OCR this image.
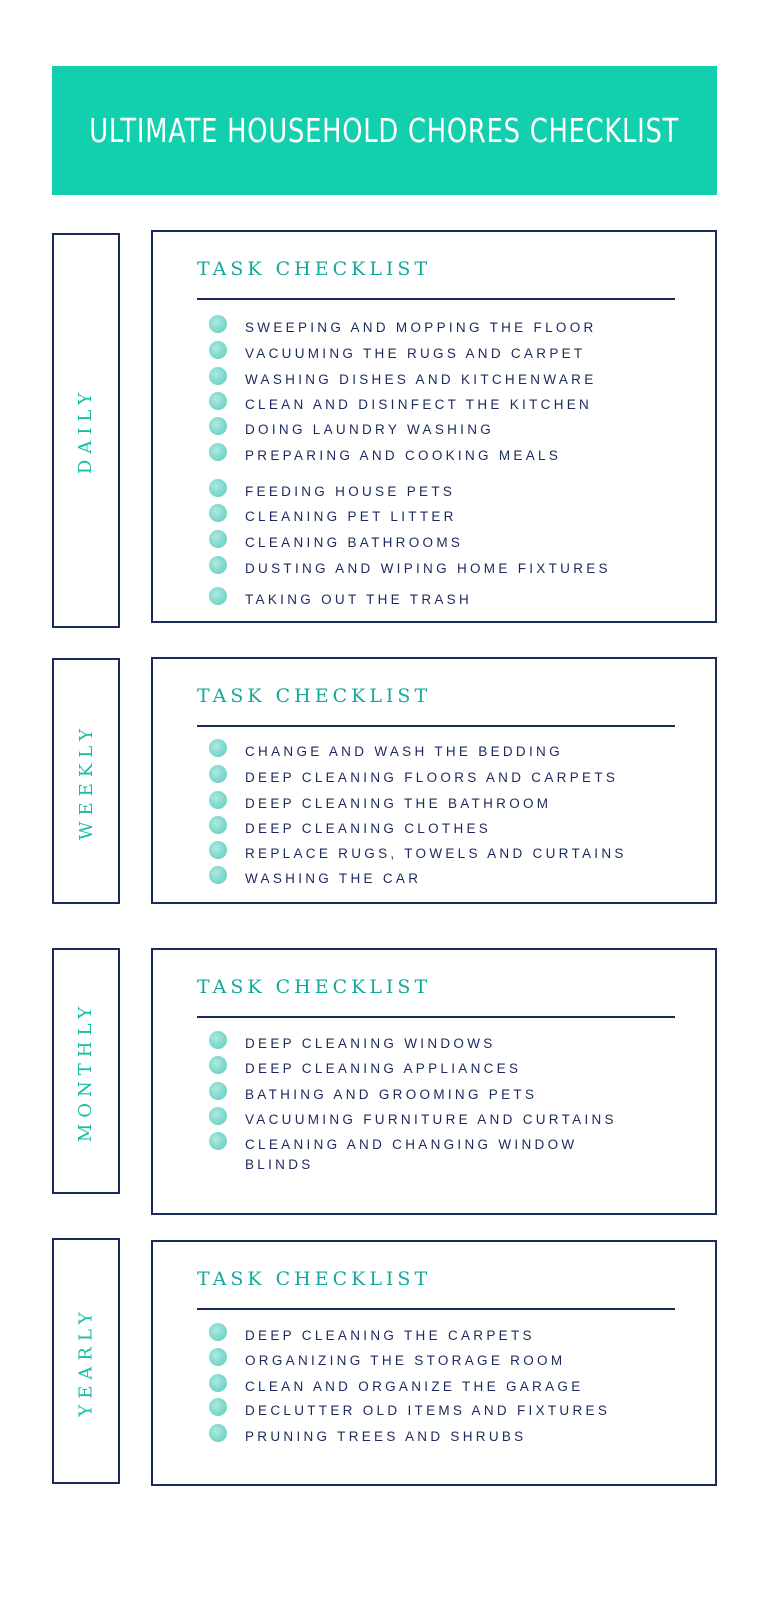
ULTIMATE HOUSEHOLD CHORES CHECKLIST
DAILY
TASK CHECKLIST
SWEEPING AND MOPPING THE FLOOR
VACUUMING THE RUGS AND CARPET
WASHING DISHES AND KITCHENWARE
CLEAN AND DISINFECT THE KITCHEN
DOING LAUNDRY WASHING
PREPARING AND COOKING MEALS
FEEDING HOUSE PETS
CLEANING PET LITTER
CLEANING BATHROOMS
DUSTING AND WIPING HOME FIXTURES
TAKING OUT THE TRASH
WEEKLY
TASK CHECKLIST
CHANGE AND WASH THE BEDDING
DEEP CLEANING FLOORS AND CARPETS
DEEP CLEANING THE BATHROOM
DEEP CLEANING CLOTHES
REPLACE RUGS, TOWELS AND CURTAINS
WASHING THE CAR
MONTHLY
TASK CHECKLIST
DEEP CLEANING WINDOWS
DEEP CLEANING APPLIANCES
BATHING AND GROOMING PETS
VACUUMING FURNITURE AND CURTAINS
CLEANING AND CHANGING WINDOW BLINDS
YEARLY
TASK CHECKLIST
DEEP CLEANING THE CARPETS
ORGANIZING THE STORAGE ROOM
CLEAN AND ORGANIZE THE GARAGE
DECLUTTER OLD ITEMS AND FIXTURES
PRUNING TREES AND SHRUBS
